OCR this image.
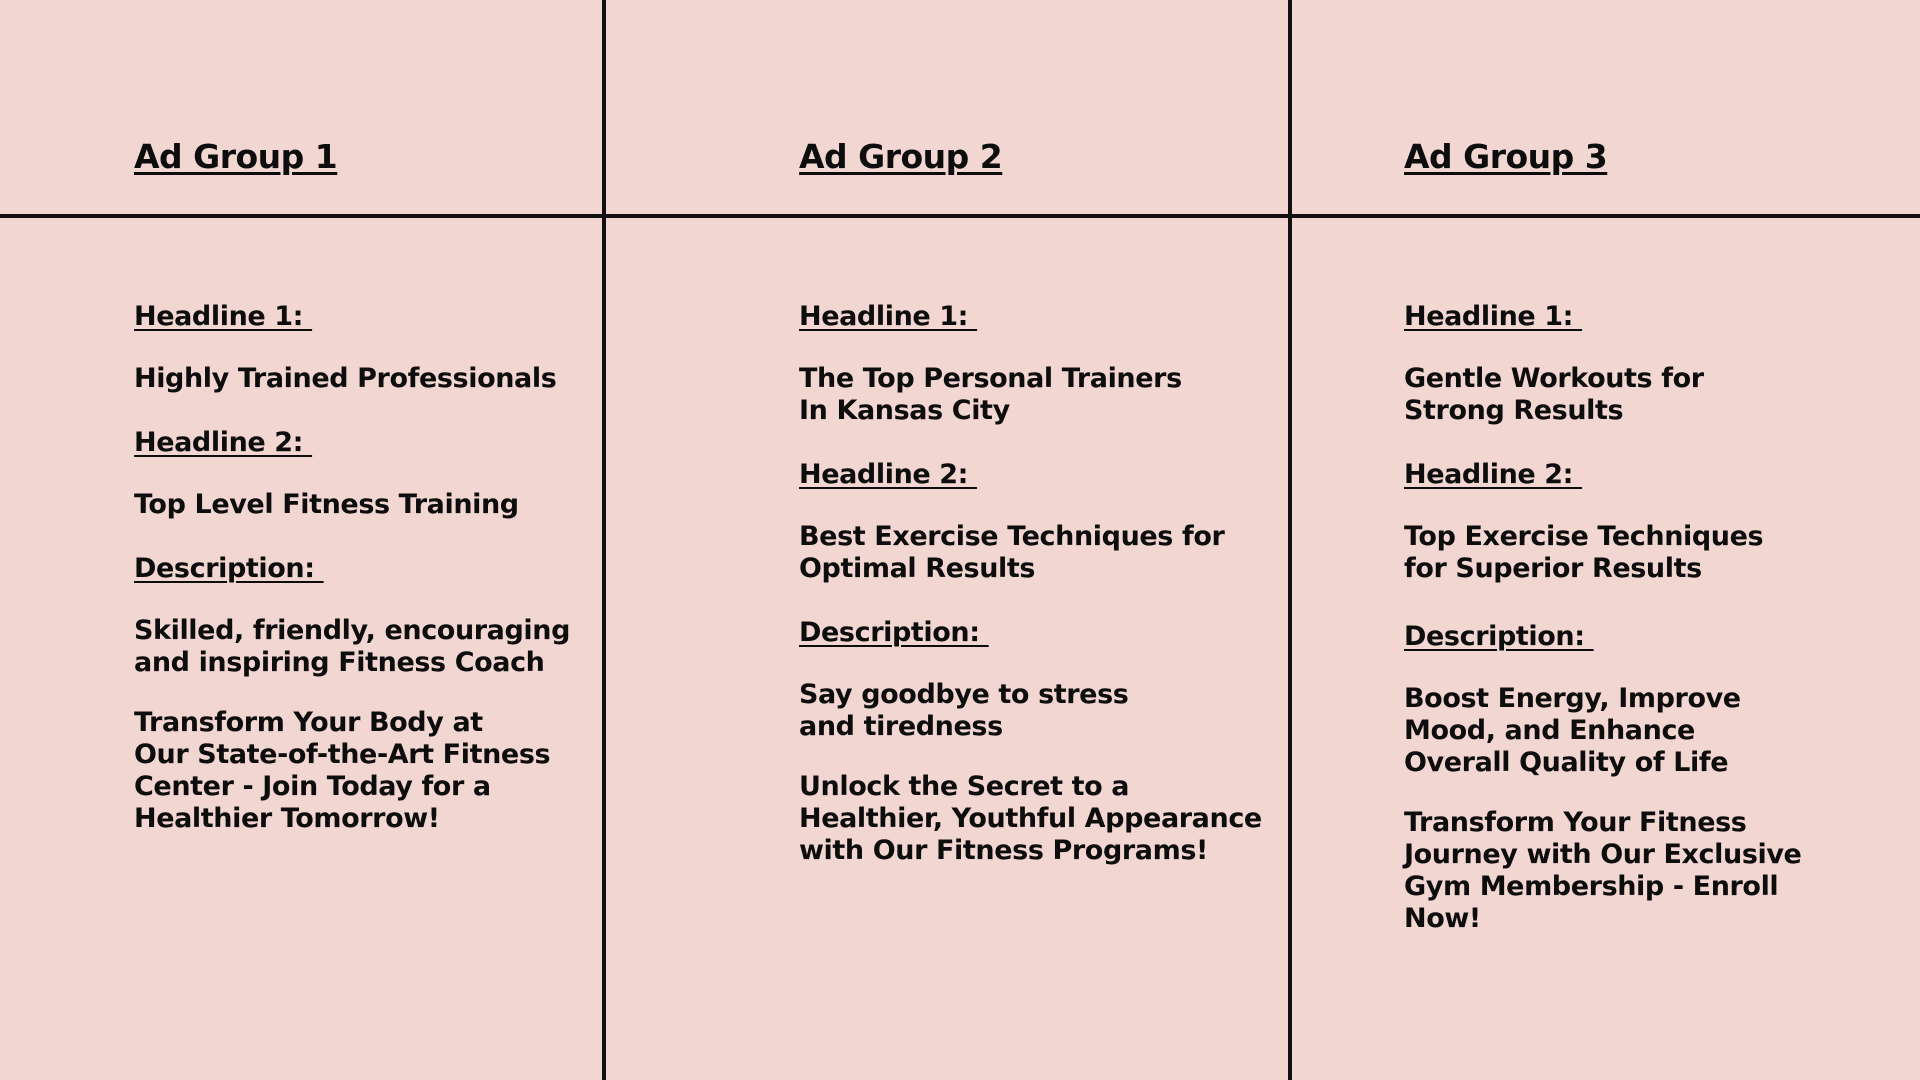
Ad Group 1

Headline 1:

Highly Trained Professionals

Headline 2:

Top Level Fitness Training

Description:

Skilled, friendly, encouraging
and inspiring Fitness Coach

Transform Your Body at
Our State-of-the-Art Fitness
Center - Join Today for a
Healthier Tomorrow!

Ad Group 2

Headline 1:

The Top Personal Trainers
In Kansas City

Headline 2:

Best Exercise Techniques for
Optimal Results

Description:

Say goodbye to stress
and tiredness

Unlock the Secret to a
Healthier, Youthful Appearance
with Our Fitness Programs!

Ad Group 3

Headline 1:

Gentle Workouts for
Strong Results

Headline 2:

Top Exercise Techniques
for Superior Results

Description:

Boost Energy, Improve
Mood, and Enhance
Overall Quality of Life

Transform Your Fitness
Journey with Our Exclusive
Gym Membership - Enroll
Now!
